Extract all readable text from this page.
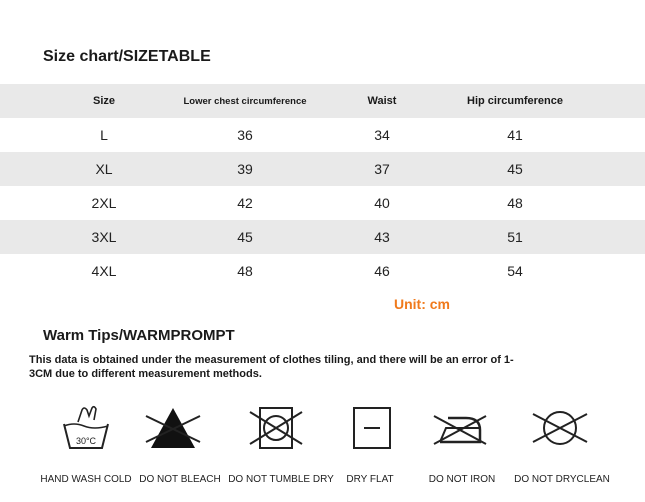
Size chart/SIZETABLE
Size	Lower chest circumference	Waist	Hip circumference
L	36	34	41
XL	39	37	45
2XL	42	40	48
3XL	45	43	51
4XL	48	46	54
Unit: cm
Warm Tips/WARMPROMPT
This data is obtained under the measurement of clothes tiling, and there will be an error of 1-3CM due to different measurement methods.
30°C
HAND WASH COLD DO NOT BLEACH DO NOT TUMBLE DRY DRY FLAT	DO NOT IRON DO NOT DRYCLEAN
